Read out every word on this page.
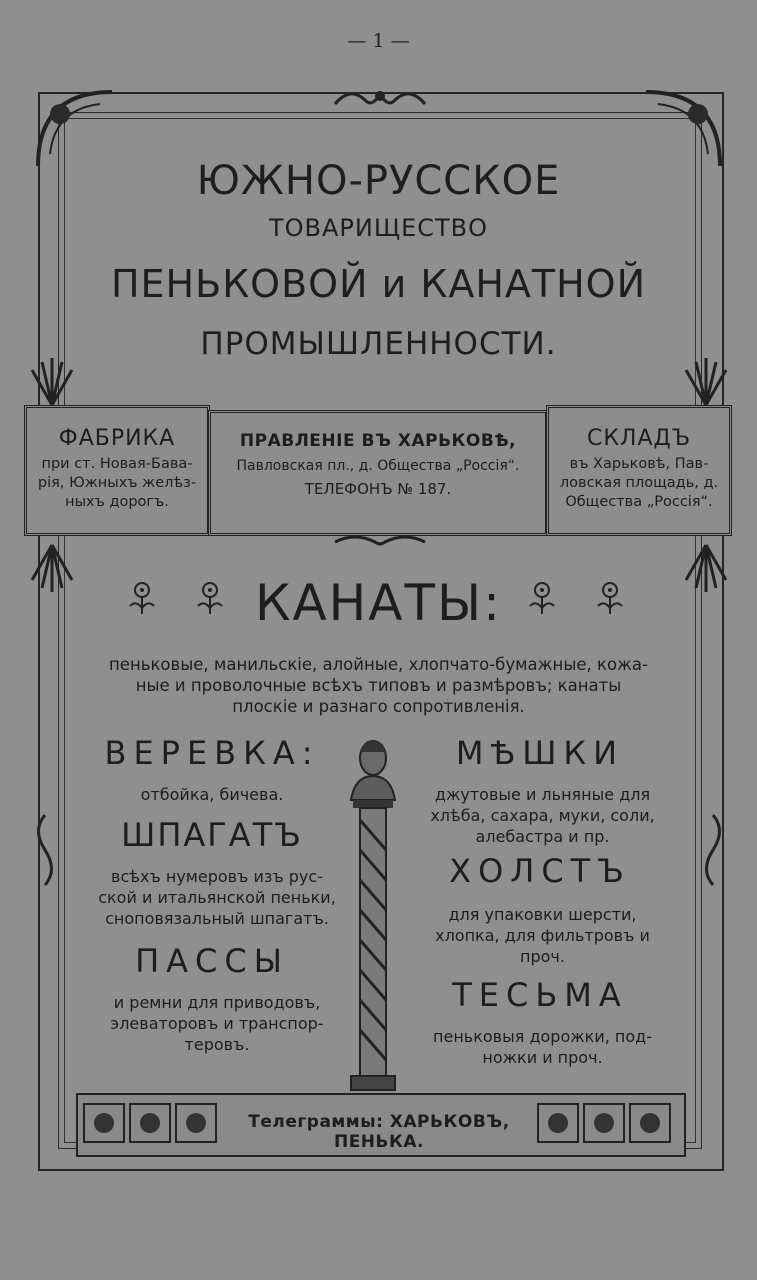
— 1 —
ЮЖНО-РУССКОЕ
ТОВАРИЩЕСТВО
ПЕНЬКОВОЙ и КАНАТНОЙ
ПРОМЫШЛЕННОСТИ.
ФАБРИКА
при ст. Новая-Бава-
рія, Южныхъ желѣз-
ныхъ дорогъ.
ПРАВЛЕНІЕ ВЪ ХАРЬКОВѢ,
Павловская пл., д. Общества „Россія“.
ТЕЛЕФОНЪ № 187.
СКЛАДЪ
въ Харьковѣ, Пав-
ловская площадь, д.
Общества „Россія“.
КАНАТЫ:
пеньковые, манильскіе, алойные, хлопчато-бумажные, кожа-
ные и проволочные всѣхъ типовъ и размѣровъ; канаты
плоскіе и разнаго сопротивленія.
ВЕРЕВКА:
отбойка, бичева.
ШПАГАТЪ
всѣхъ нумеровъ изъ рус-
ской и итальянской пеньки,
сноповязальный шпагатъ.
ПАССЫ
и ремни для приводовъ,
элеваторовъ и транспор-
теровъ.
МѢШКИ
джутовые и льняные для
хлѣба, сахара, муки, соли,
алебастра и пр.
ХОЛСТЪ
для упаковки шерсти,
хлопка, для фильтровъ и
проч.
ТЕСЬМА
пеньковыя дорожки, под-
ножки и проч.
Телеграммы: ХАРЬКОВЪ, ПЕНЬКА.
